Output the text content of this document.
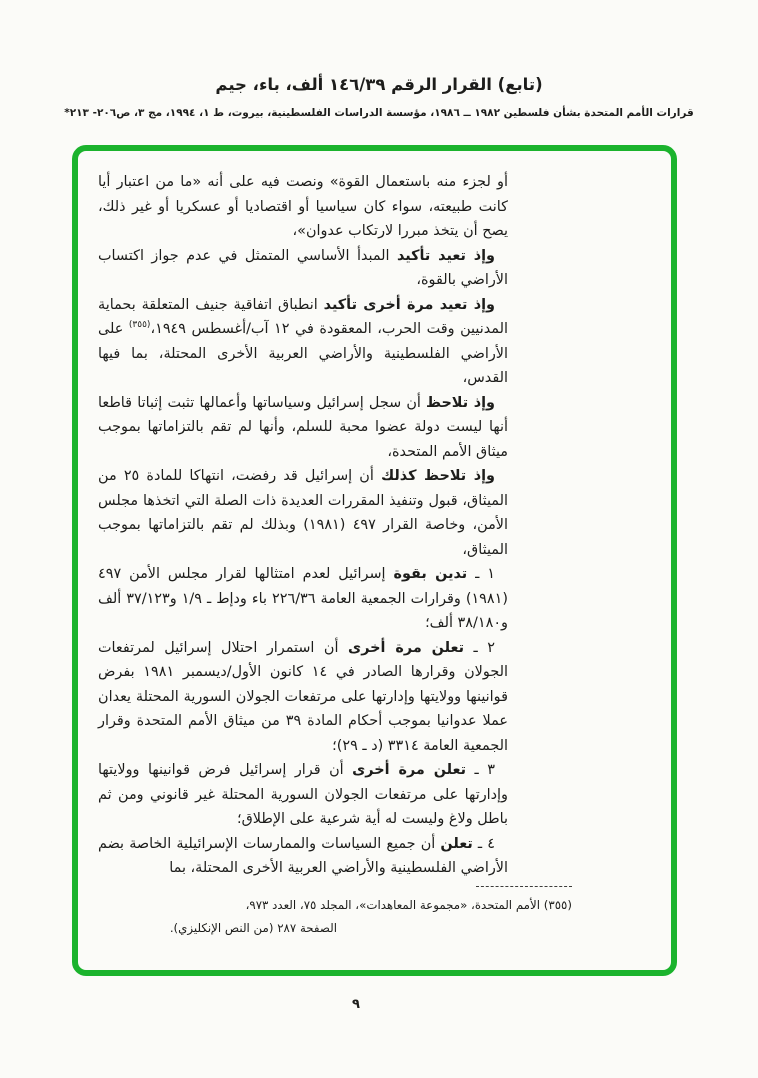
(تابع) القرار الرقم ١٤٦/٣٩ ألف، باء، جيم
قرارات الأمم المتحدة بشأن فلسطين ١٩٨٢ ــ ١٩٨٦، مؤسسة الدراسات الفلسطينية، بيروت، ط ١، ١٩٩٤، مج ٣، ص٢٠٦- ٢١٣*

أو لجزء منه باستعمال القوة» ونصت فيه على أنه «ما من اعتبار أيا كانت طبيعته، سواء كان سياسيا أو اقتصاديا أو عسكريا أو غير ذلك، يصح أن يتخذ مبررا لارتكاب عدوان»،

وإذ تعيد تأكيد المبدأ الأساسي المتمثل في عدم جواز اكتساب الأراضي بالقوة،

وإذ تعيد مرة أخرى تأكيد انطباق اتفاقية جنيف المتعلقة بحماية المدنيين وقت الحرب، المعقودة في ١٢ آب/أغسطس ١٩٤٩،$^{(٣٥٥)}$ على الأراضي الفلسطينية والأراضي العربية الأخرى المحتلة، بما فيها القدس،

وإذ تلاحظ أن سجل إسرائيل وسياساتها وأعمالها تثبت إثباتا قاطعا أنها ليست دولة عضوا محبة للسلم، وأنها لم تقم بالتزاماتها بموجب ميثاق الأمم المتحدة،

وإذ تلاحظ كذلك أن إسرائيل قد رفضت، انتهاكا للمادة ٢٥ من الميثاق، قبول وتنفيذ المقررات العديدة ذات الصلة التي اتخذها مجلس الأمن، وخاصة القرار ٤٩٧ (١٩٨١) وبذلك لم تقم بالتزاماتها بموجب الميثاق،

١ ـ تدين بقوة إسرائيل لعدم امتثالها لقرار مجلس الأمن ٤٩٧ (١٩٨١) وقرارات الجمعية العامة ٢٢٦/٣٦ باء ودإط ـ ١/٩ و٣٧/١٢٣ ألف و٣٨/١٨٠ ألف؛

٢ ـ تعلن مرة أخرى أن استمرار احتلال إسرائيل لمرتفعات الجولان وقرارها الصادر في ١٤ كانون الأول/ديسمبر ١٩٨١ بفرض قوانينها وولايتها وإدارتها على مرتفعات الجولان السورية المحتلة يعدان عملا عدوانيا بموجب أحكام المادة ٣٩ من ميثاق الأمم المتحدة وقرار الجمعية العامة ٣٣١٤ (د ـ ٢٩)؛

٣ ـ تعلن مرة أخرى أن قرار إسرائيل فرض قوانينها وولايتها وإدارتها على مرتفعات الجولان السورية المحتلة غير قانوني ومن ثم باطل ولاغ وليست له أية شرعية على الإطلاق؛

٤ ـ تعلن أن جميع السياسات والممارسات الإسرائيلية الخاصة بضم الأراضي الفلسطينية والأراضي العربية الأخرى المحتلة، بما

(٣٥٥) الأمم المتحدة، «مجموعة المعاهدات»، المجلد ٧٥، العدد ٩٧٣،
الصفحة ٢٨٧ (من النص الإنكليزي).
٩
